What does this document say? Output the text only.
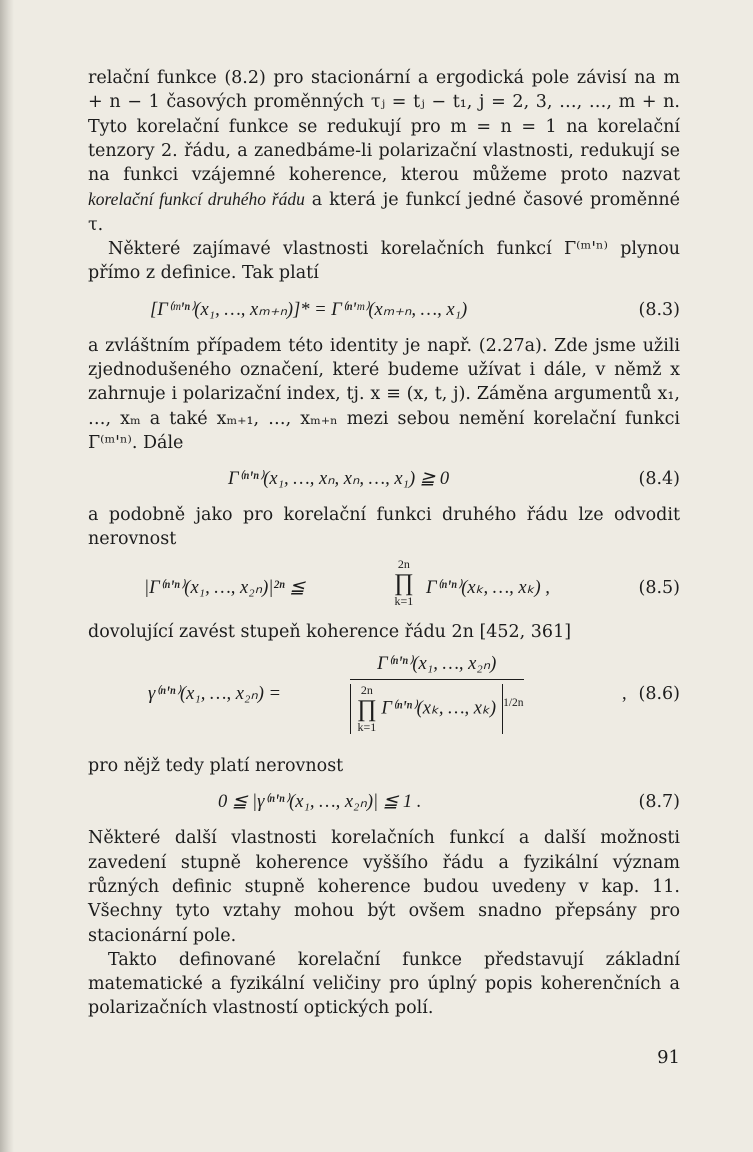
relační funkce (8.2) pro stacionární a ergodická pole závisí na m + n − 1 časových proměnných τⱼ = tⱼ − t₁, j = 2, 3, …, …, m + n. Tyto korelační funkce se redukují pro m = n = 1 na korelační tenzory 2. řádu, a zanedbáme-li polarizační vlastnosti, redukují se na funkci vzájemné koherence, kterou můžeme proto nazvat korelační funkcí druhého řádu a která je funkcí jedné časové proměnné τ.

Některé zajímavé vlastnosti korelačních funkcí Γ⁽ᵐ'ⁿ⁾ plynou přímo z definice. Tak platí

[Γ⁽ᵐ'ⁿ⁾(x₁, …, xₘ₊ₙ)]* = Γ⁽ⁿ'ᵐ⁾(xₘ₊ₙ, …, x₁)	(8.3)

a zvláštním případem této identity je např. (2.27a). Zde jsme užili zjednodušeného označení, které budeme užívat i dále, v němž x zahrnuje i polarizační index, tj. x ≡ (x, t, j). Záměna argumentů x₁, …, xₘ a také xₘ₊₁, …, xₘ₊ₙ mezi sebou nemění korelační funkci Γ⁽ᵐ'ⁿ⁾. Dále

Γ⁽ⁿ'ⁿ⁾(x₁, …, xₙ, xₙ, …, x₁) ≧ 0	(8.4)

a podobně jako pro korelační funkci druhého řádu lze odvodit nerovnost

|Γ⁽ⁿ'ⁿ⁾(x₁, …, x₂ₙ)|²ⁿ ≦
2n
∏
k=1
Γ⁽ⁿ'ⁿ⁾(xₖ, …, xₖ) ,	(8.5)

dovolující zavést stupeň koherence řádu 2n [452, 361]

γ⁽ⁿ'ⁿ⁾(x₁, …, x₂ₙ) =
Γ⁽ⁿ'ⁿ⁾(x₁, …, x₂ₙ)
2n
∏
k=1 Γ⁽ⁿ'ⁿ⁾(xₖ, …, xₖ) $^{1/2n}$	, (8.6)

pro nějž tedy platí nerovnost

0 ≦ |γ⁽ⁿ'ⁿ⁾(x₁, …, x₂ₙ)| ≦ 1 .	(8.7)

Některé další vlastnosti korelačních funkcí a další možnosti zavedení stupně koherence vyššího řádu a fyzikální význam různých definic stupně koherence budou uvedeny v kap. 11. Všechny tyto vztahy mohou být ovšem snadno přepsány pro stacionární pole.

Takto definované korelační funkce představují základní matematické a fyzikální veličiny pro úplný popis koherenčních a polarizačních vlastností optických polí.

91
